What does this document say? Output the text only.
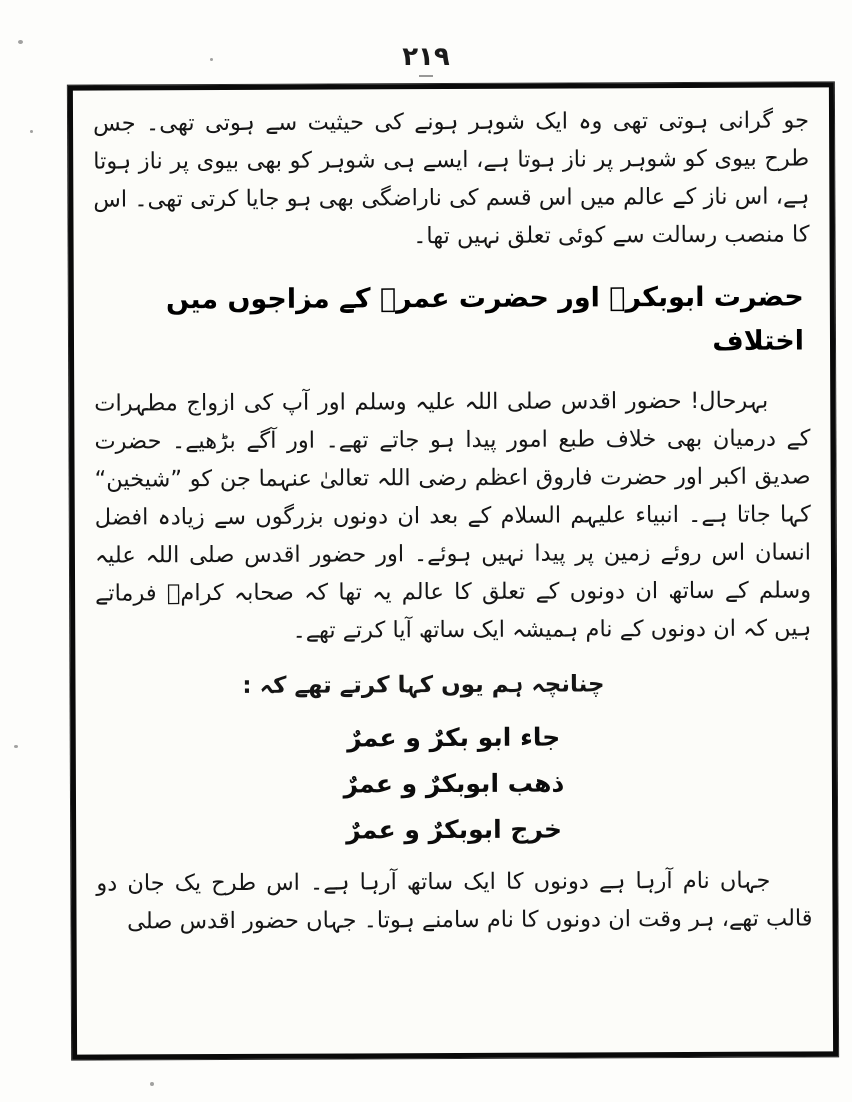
٢١٩

جو گرانی ہوتی تھی وہ ایک شوہر ہونے کی حیثیت سے ہوتی تھی۔ جس طرح بیوی کو شوہر پر ناز ہوتا ہے، ایسے ہی شوہر کو بھی بیوی پر ناز ہوتا ہے، اس ناز کے عالم میں اس قسم کی ناراضگی بھی ہو جایا کرتی تھی۔ اس کا منصب رسالت سے کوئی تعلق نہیں تھا۔

حضرت ابوبکرؓ اور حضرت عمرؓ کے مزاجوں میں اختلاف

بہرحال! حضور اقدس صلی اللہ علیہ وسلم اور آپ کی ازواج مطہرات کے درمیان بھی خلاف طبع امور پیدا ہو جاتے تھے۔ اور آگے بڑھیے۔ حضرت صدیق اکبر اور حضرت فاروق اعظم رضی اللہ تعالیٰ عنہما جن کو ”شیخین“ کہا جاتا ہے۔ انبیاء علیہم السلام کے بعد ان دونوں بزرگوں سے زیادہ افضل انسان اس روئے زمین پر پیدا نہیں ہوئے۔ اور حضور اقدس صلی اللہ علیہ وسلم کے ساتھ ان دونوں کے تعلق کا عالم یہ تھا کہ صحابہ کرامؓ فرماتے ہیں کہ ان دونوں کے نام ہمیشہ ایک ساتھ آیا کرتے تھے۔

چنانچہ ہم یوں کہا کرتے تھے کہ :

جاء ابو بکرٌ و عمرٌ
ذهب ابوبکرٌ و عمرٌ
خرج ابوبکرٌ و عمرٌ

جہاں نام آرہا ہے دونوں کا ایک ساتھ آرہا ہے۔ اس طرح یک جان دو قالب تھے، ہر وقت ان دونوں کا نام سامنے ہوتا۔ جہاں حضور اقدس صلی
